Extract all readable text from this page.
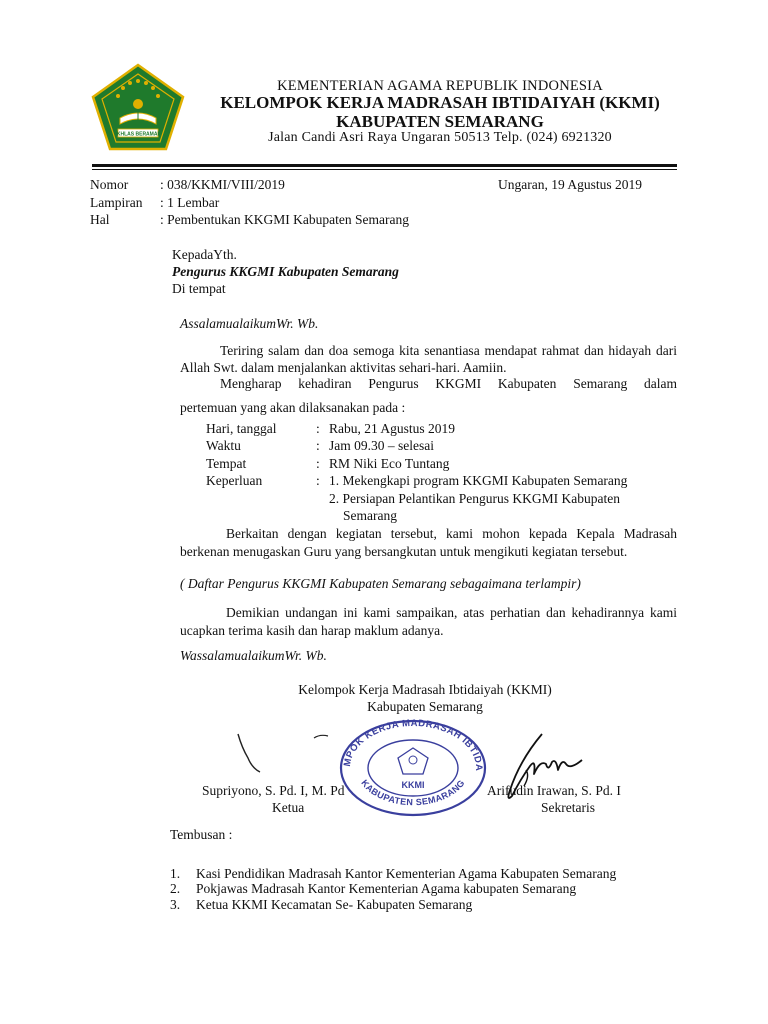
IKHLAS BERAMAL
KEMENTERIAN AGAMA REPUBLIK INDONESIA
KELOMPOK KERJA MADRASAH IBTIDAIYAH (KKMI)
KABUPATEN SEMARANG
Jalan Candi Asri Raya Ungaran 50513 Telp. (024) 6921320
Nomor : 038/KKMI/VIII/2019	Ungaran, 19 Agustus 2019
Lampiran : 1 Lembar
Hal	: Pembentukan KKGMI Kabupaten Semarang
KepadaYth.
Pengurus KKGMI Kabupaten Semarang
Di tempat
AssalamualaikumWr. Wb.
Teriring salam dan doa semoga kita senantiasa mendapat rahmat dan hidayah dari Allah Swt. dalam menjalankan aktivitas sehari-hari. Aamiin.
Mengharap kehadiran Pengurus KKGMI Kabupaten Semarang dalam
pertemuan yang akan dilaksanakan pada :
Hari, tanggal	: Rabu, 21 Agustus 2019
Waktu	: Jam 09.30 – selesai
Tempat	: RM Niki Eco Tuntang
Keperluan	: 1. Mekengkapi program KKGMI Kabupaten Semarang
2. Persiapan Pelantikan Pengurus KKGMI Kabupaten
Semarang
Berkaitan dengan kegiatan tersebut, kami mohon kepada Kepala Madrasah berkenan menugaskan Guru yang bersangkutan untuk mengikuti kegiatan tersebut.
( Daftar Pengurus KKGMI Kabupaten Semarang sebagaimana terlampir)
Demikian undangan ini kami sampaikan, atas perhatian dan kehadirannya kami ucapkan terima kasih dan harap maklum adanya.
WassalamualaikumWr. Wb.
Kelompok Kerja Madrasah Ibtidaiyah (KKMI)
Kabupaten Semarang
KELOMPOK KERJA MADRASAH IBTIDAIYAH
KABUPATEN SEMARANG
KKMI
Supriyono, S. Pd. I, M. Pd
Ketua
Arifudin Irawan, S. Pd. I
Sekretaris
Tembusan :
1. Kasi Pendidikan Madrasah Kantor Kementerian Agama Kabupaten Semarang
2. Pokjawas Madrasah Kantor Kementerian Agama kabupaten Semarang
3. Ketua KKMI Kecamatan Se- Kabupaten Semarang
